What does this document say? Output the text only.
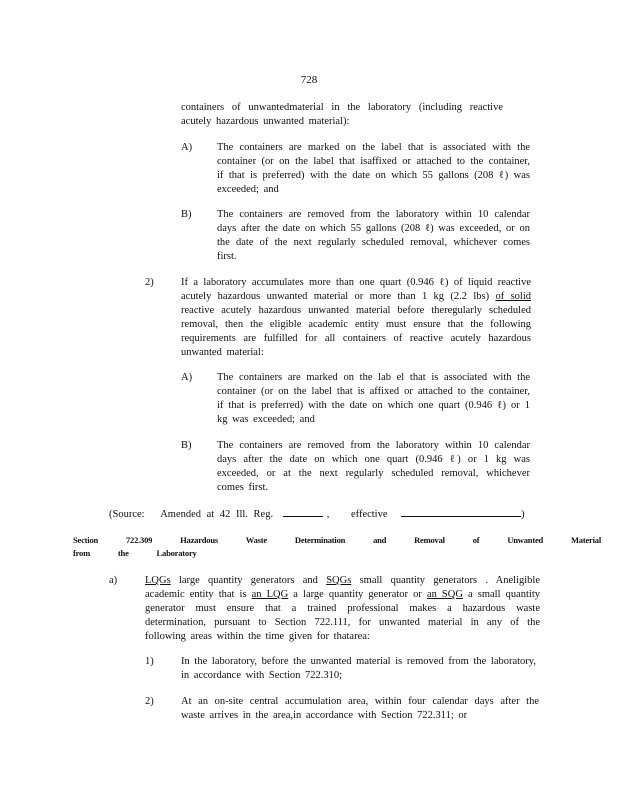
728
containers of unwantedmaterial in the laboratory (including reactive acutely hazardous unwanted material):
A)	The containers are marked on the label that is associated with the container (or on the label that isaffixed or attached to the container, if that is preferred) with the date on which 55 gallons (208 ℓ) was exceeded; and
B)	The containers are removed from the laboratory within 10 calendar days after the date on which 55 gallons (208 ℓ) was exceeded, or on the date of the next regularly scheduled removal, whichever comes first.
2)	If a laboratory accumulates more than one quart (0.946 ℓ) of liquid reactive acutely hazardous unwanted material or more than 1 kg (2.2 lbs) of solid reactive acutely hazardous unwanted material before theregularly scheduled removal, then the eligible academic entity must ensure that the following requirements are fulfilled for all containers of reactive acutely hazardous unwanted material:
A)	The containers are marked on the lab el that is associated with the container (or on the label that is affixed or attached to the container, if that is preferred) with the date on which one quart (0.946 ℓ) or 1 kg was exceeded; and
B)	The containers are removed from the laboratory within 10 calendar days after the date on which one quart (0.946 ℓ) or 1 kg was exceeded, or at the next regularly scheduled removal, whichever comes first.
(Source: Amended at 42 Ill. Reg.	, effective	)
Section 722.309 Hazardous Waste Determination and Removal of Unwanted Material
from the Laboratory
a)	LQGs large quantity generators and SQGs small quantity generators . Aneligible academic entity that is an LQG a large quantity generator or an SQG a small quantity generator must ensure that a trained professional makes a hazardous waste determination, pursuant to Section 722.111, for unwanted material in any of the following areas within the time given for thatarea:
1)	In the laboratory, before the unwanted material is removed from the laboratory, in accordance with Section 722.310;
2)	At an on-site central accumulation area, within four calendar days after the waste arrives in the area,in accordance with Section 722.311; or
